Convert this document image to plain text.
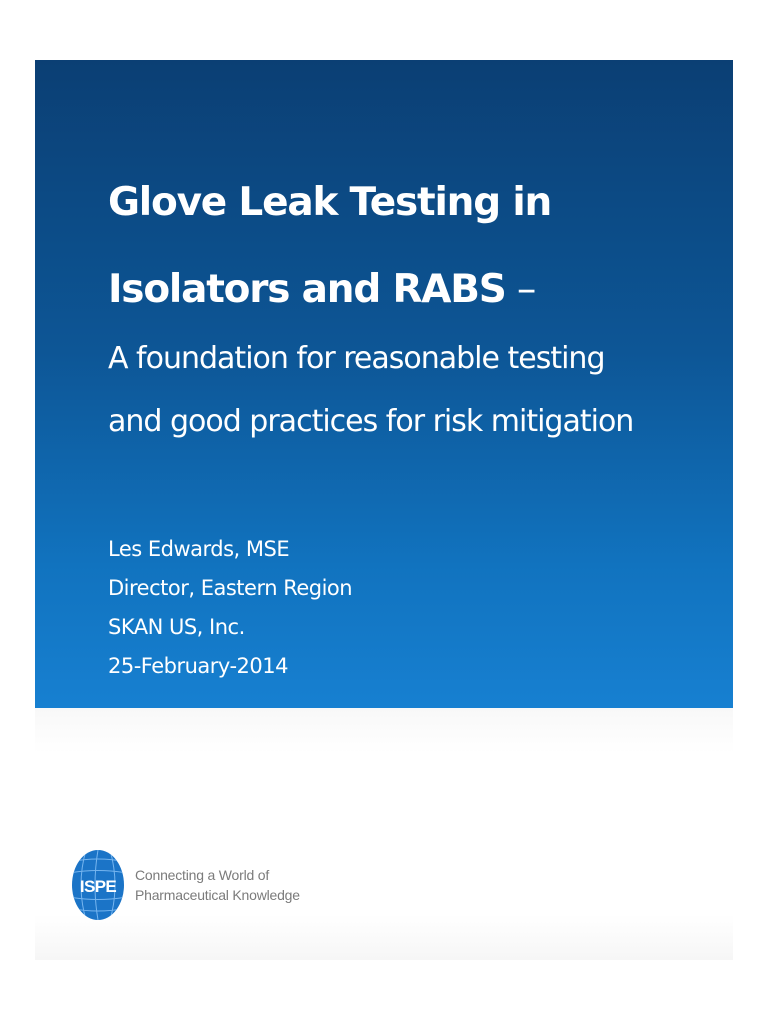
Glove Leak Testing in
Isolators and RABS –

A foundation for reasonable testing

and good practices for risk mitigation

Les Edwards, MSE
Director, Eastern Region
SKAN US, Inc.
25-February-2014
ISPE
Connecting a World of
Pharmaceutical Knowledge
